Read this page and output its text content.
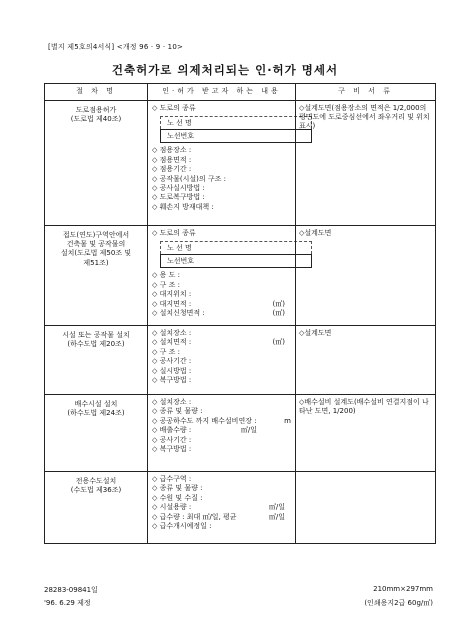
[별지 제5호의4서식] <개정 96 · 9 · 10>
건축허가로 의제처리되는 인·허가 명세서
절 차 명	인·허가 받고자 하는 내용	구 비 서 류

도로점용허가
(도로법 제40조)

◇ 도로의 종류
노 선 명
노선번호
◇ 점용장소 :
◇ 점용면적 :
◇ 점용기간 :
◇ 공작물(시설)의 구조 :
◇ 공사실시방법 :
◇ 도로복구방법 :
◇ 훼손지 방재대책 :
	◇설계도면(점용장소의 면적은 1/2,000의 평면도에 도로중심선에서 좌우거리 및 위치 표시)

접도(연도)구역안에서
건축물 및 공작물의
설치(도로법 제50조 및
제51조)

◇ 도로의 종류
노 선 명
노선번호
◇ 용 도 :
◇ 구 조 :
◇ 대지위치 :
◇ 대지면적 :	(㎡)
◇ 설치신청면적 :	(㎡)
	◇설계도면

시설 또는 공작물 설치
(하수도법 제20조)

◇ 설치장소 :
◇ 설치면적 :	(㎡)
◇ 구 조 :
◇ 공사기간 :
◇ 실시방법 :
◇ 복구방법 :
	◇설계도면

배수시설 설치
(하수도법 제24조)

◇ 설치장소 :
◇ 종류 및 물량 :
◇ 공공하수도 까지 배수설비연장 :	m
◇ 배출수량 :	㎥/일
◇ 공사기간 :
◇ 복구방법 :
	◇배수설비 설계도(배수설비 연결지점이 나타난 도면, 1/200)

전용수도설치
(수도법 제36조)

◇ 급수구역 :
◇ 종류 및 물량 :
◇ 수원 및 수질 :
◇ 시설용량 :	㎥/일
◇ 급수량 : 최대 ㎥/일, 평균	㎥/일
◇ 급수개시예정일 :

28283-09841일
'96. 6.29 제정
210mm×297mm
(인쇄용지2급 60g/㎡)
